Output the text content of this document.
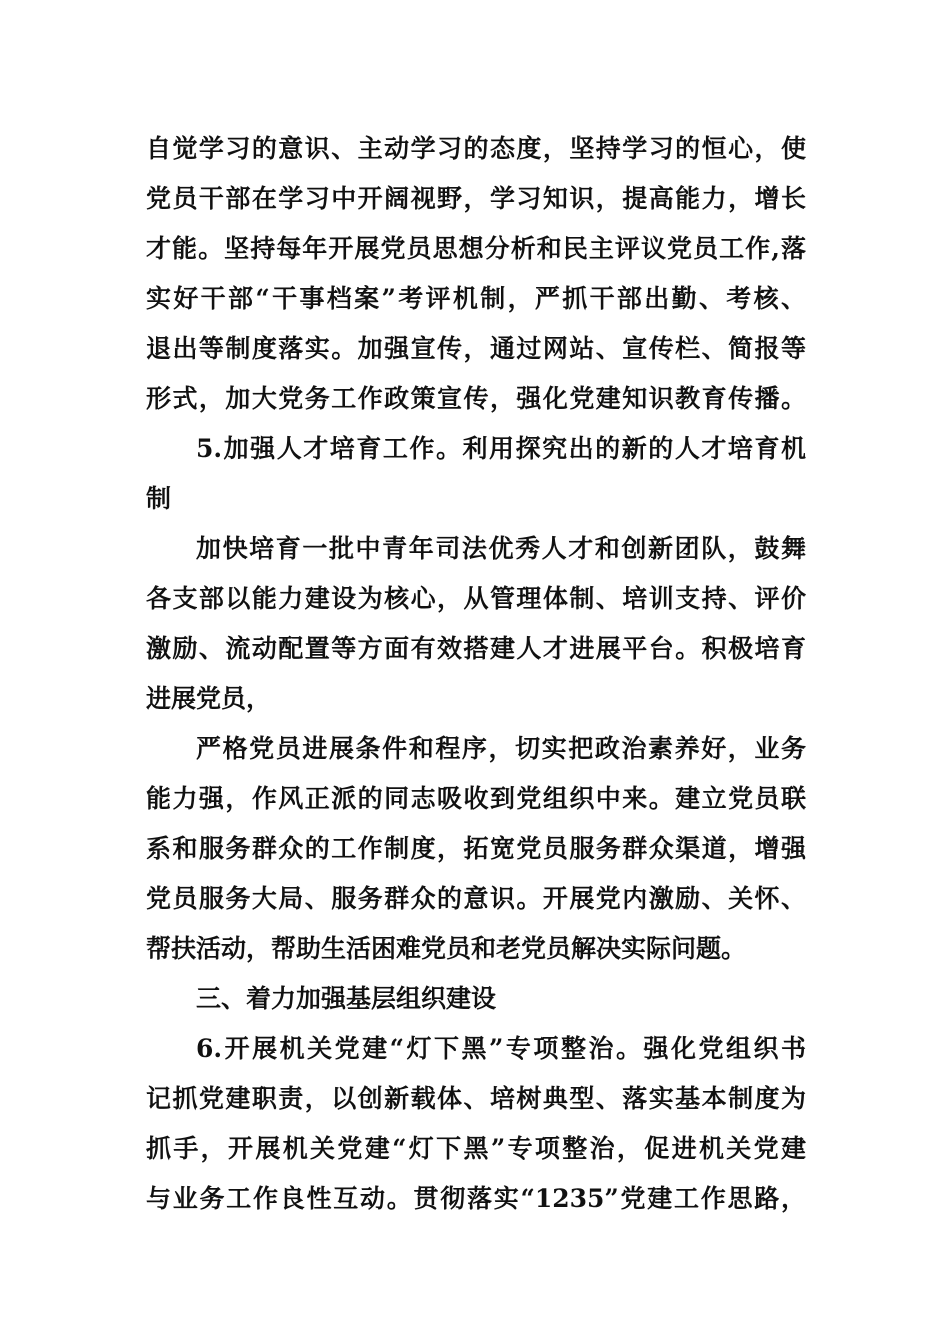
自觉学习的意识、主动学习的态度，坚持学习的恒心，使
党员干部在学习中开阔视野，学习知识，提高能力，增长
才能。坚持每年开展党员思想分析和民主评议党员工作,落
实好干部“干事档案”考评机制，严抓干部出勤、考核、
退出等制度落实。加强宣传，通过网站、宣传栏、简报等
形式，加大党务工作政策宣传，强化党建知识教育传播。
5.加强人才培育工作。利用探究出的新的人才培育机
制
加快培育一批中青年司法优秀人才和创新团队，鼓舞
各支部以能力建设为核心，从管理体制、培训支持、评价
激励、流动配置等方面有效搭建人才进展平台。积极培育
进展党员，
严格党员进展条件和程序，切实把政治素养好，业务
能力强，作风正派的同志吸收到党组织中来。建立党员联
系和服务群众的工作制度，拓宽党员服务群众渠道，增强
党员服务大局、服务群众的意识。开展党内激励、关怀、
帮扶活动，帮助生活困难党员和老党员解决实际问题。
三、着力加强基层组织建设
6.开展机关党建“灯下黑”专项整治。强化党组织书
记抓党建职责，以创新载体、培树典型、落实基本制度为
抓手，开展机关党建“灯下黑”专项整治，促进机关党建
与业务工作良性互动。贯彻落实“1235”党建工作思路，
